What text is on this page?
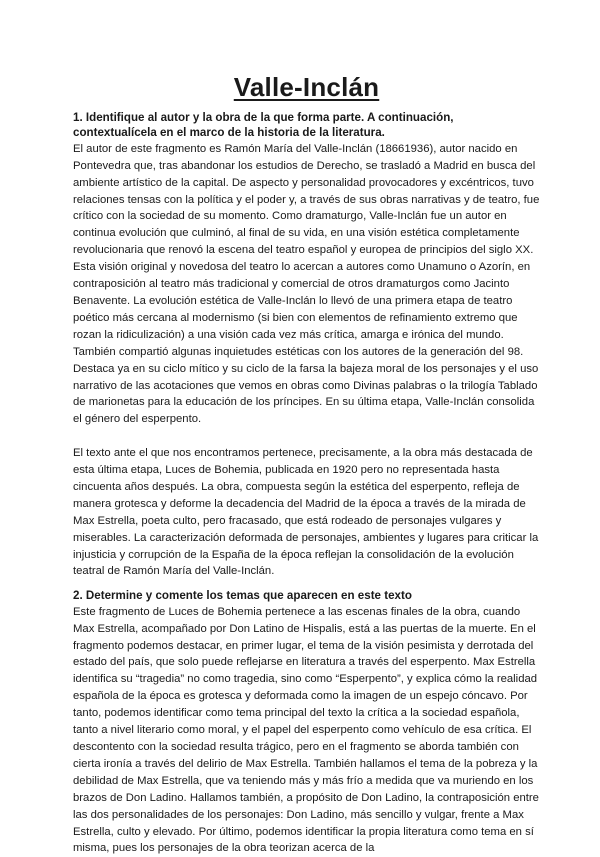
Valle-Inclán
1. Identifique al autor y la obra de la que forma parte. A continuación, contextualícela en el marco de la historia de la literatura.

El autor de este fragmento es Ramón María del Valle-Inclán (18661936), autor nacido en Pontevedra que, tras abandonar los estudios de Derecho, se trasladó a Madrid en busca del ambiente artístico de la capital. De aspecto y personalidad provocadores y excéntricos, tuvo relaciones tensas con la política y el poder y, a través de sus obras narrativas y de teatro, fue crítico con la sociedad de su momento. Como dramaturgo, Valle-Inclán fue un autor en continua evolución que culminó, al final de su vida, en una visión estética completamente revolucionaria que renovó la escena del teatro español y europea de principios del siglo XX. Esta visión original y novedosa del teatro lo acercan a autores como Unamuno o Azorín, en contraposición al teatro más tradicional y comercial de otros dramaturgos como Jacinto Benavente. La evolución estética de Valle-Inclán lo llevó de una primera etapa de teatro poético más cercana al modernismo (si bien con elementos de refinamiento extremo que rozan la ridiculización) a una visión cada vez más crítica, amarga e irónica del mundo. También compartió algunas inquietudes estéticas con los autores de la generación del 98. Destaca ya en su ciclo mítico y su ciclo de la farsa la bajeza moral de los personajes y el uso narrativo de las acotaciones que vemos en obras como Divinas palabras o la trilogía Tablado de marionetas para la educación de los príncipes. En su última etapa, Valle-Inclán consolida el género del esperpento.

El texto ante el que nos encontramos pertenece, precisamente, a la obra más destacada de esta última etapa, Luces de Bohemia, publicada en 1920 pero no representada hasta cincuenta años después. La obra, compuesta según la estética del esperpento, refleja de manera grotesca y deforme la decadencia del Madrid de la época a través de la mirada de Max Estrella, poeta culto, pero fracasado, que está rodeado de personajes vulgares y miserables. La caracterización deformada de personajes, ambientes y lugares para criticar la injusticia y corrupción de la España de la época reflejan la consolidación de la evolución teatral de Ramón María del Valle-Inclán.

2. Determine y comente los temas que aparecen en este texto

Este fragmento de Luces de Bohemia pertenece a las escenas finales de la obra, cuando Max Estrella, acompañado por Don Latino de Hispalis, está a las puertas de la muerte. En el fragmento podemos destacar, en primer lugar, el tema de la visión pesimista y derrotada del estado del país, que solo puede reflejarse en literatura a través del esperpento. Max Estrella identifica su “tragedia” no como tragedia, sino como “Esperpento”, y explica cómo la realidad española de la época es grotesca y deformada como la imagen de un espejo cóncavo. Por tanto, podemos identificar como tema principal del texto la crítica a la sociedad española, tanto a nivel literario como moral, y el papel del esperpento como vehículo de esa crítica. El descontento con la sociedad resulta trágico, pero en el fragmento se aborda también con cierta ironía a través del delirio de Max Estrella. También hallamos el tema de la pobreza y la debilidad de Max Estrella, que va teniendo más y más frío a medida que va muriendo en los brazos de Don Ladino. Hallamos también, a propósito de Don Ladino, la contraposición entre las dos personalidades de los personajes: Don Ladino, más sencillo y vulgar, frente a Max Estrella, culto y elevado. Por último, podemos identificar la propia literatura como tema en sí misma, pues los personajes de la obra teorizan acerca de la
